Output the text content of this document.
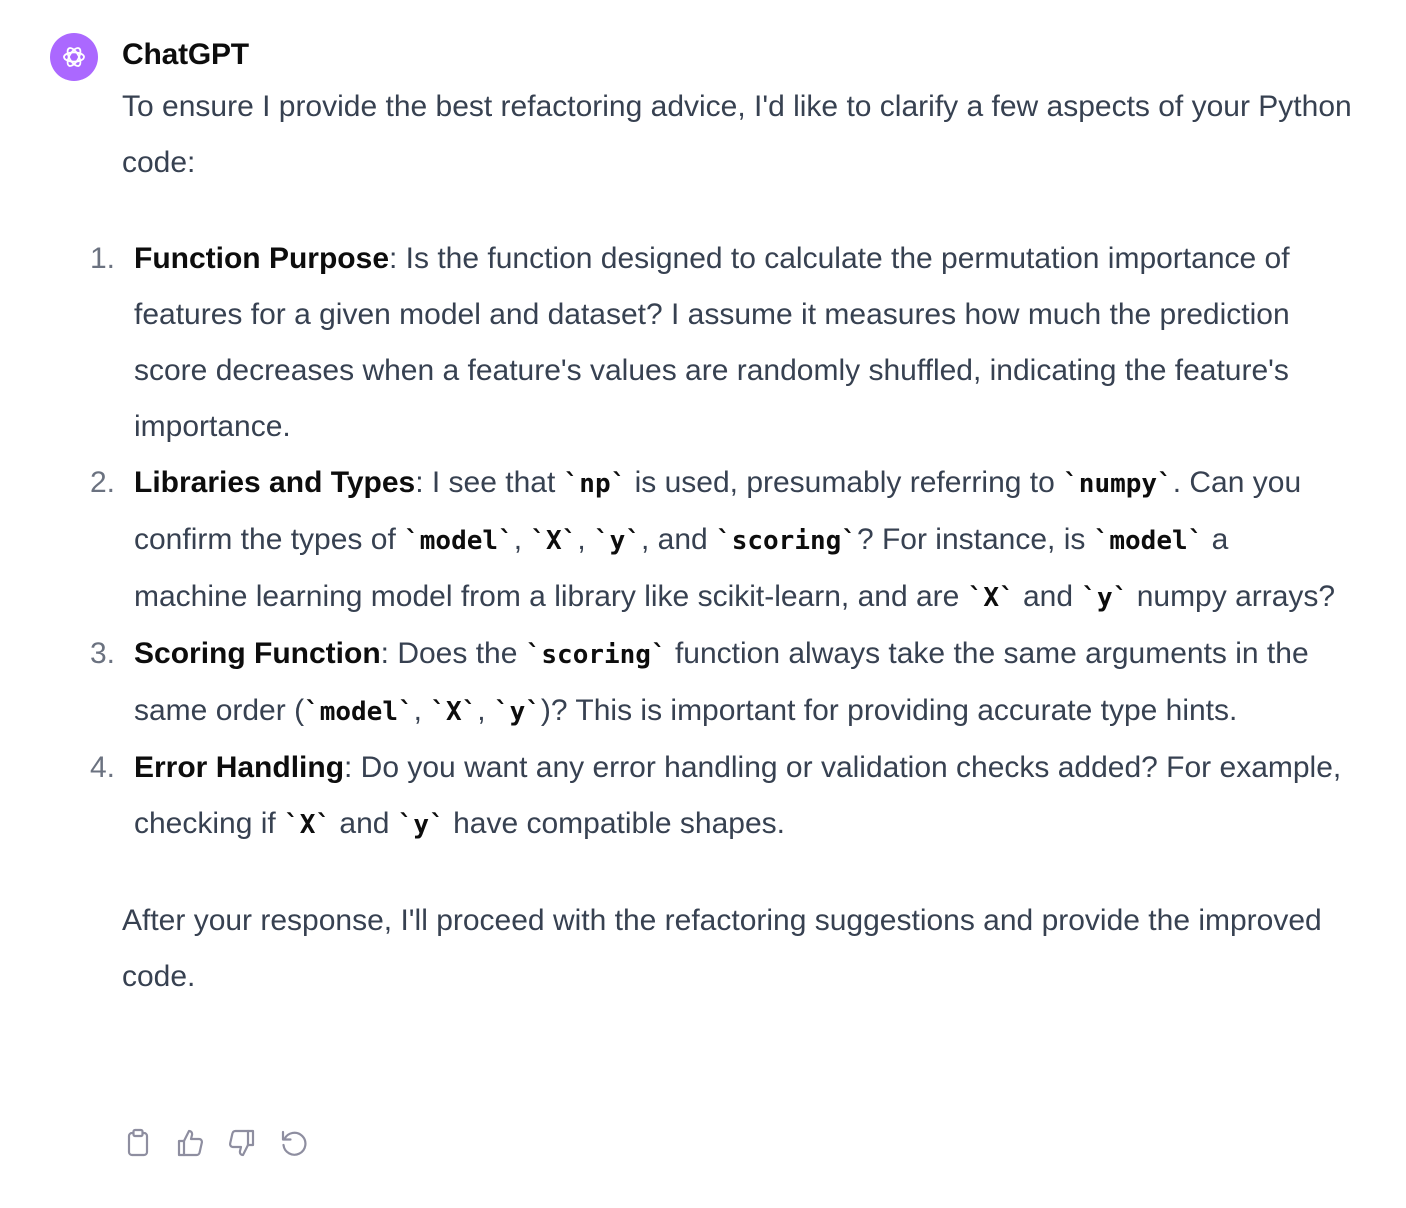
ChatGPT

To ensure I provide the best refactoring advice, I'd like to clarify a few aspects of your Python code:

1. Function Purpose: Is the function designed to calculate the permutation importance of features for a given model and dataset? I assume it measures how much the prediction score decreases when a feature's values are randomly shuffled, indicating the feature's importance.
2. Libraries and Types: I see that `np` is used, presumably referring to `numpy`. Can you confirm the types of `model`, `X`, `y`, and `scoring`? For instance, is `model` a machine learning model from a library like scikit-learn, and are `X` and `y` numpy arrays?
3. Scoring Function: Does the `scoring` function always take the same arguments in the same order (`model`, `X`, `y`)? This is important for providing accurate type hints.
4. Error Handling: Do you want any error handling or validation checks added? For example, checking if `X` and `y` have compatible shapes.

After your response, I'll proceed with the refactoring suggestions and provide the improved code.
